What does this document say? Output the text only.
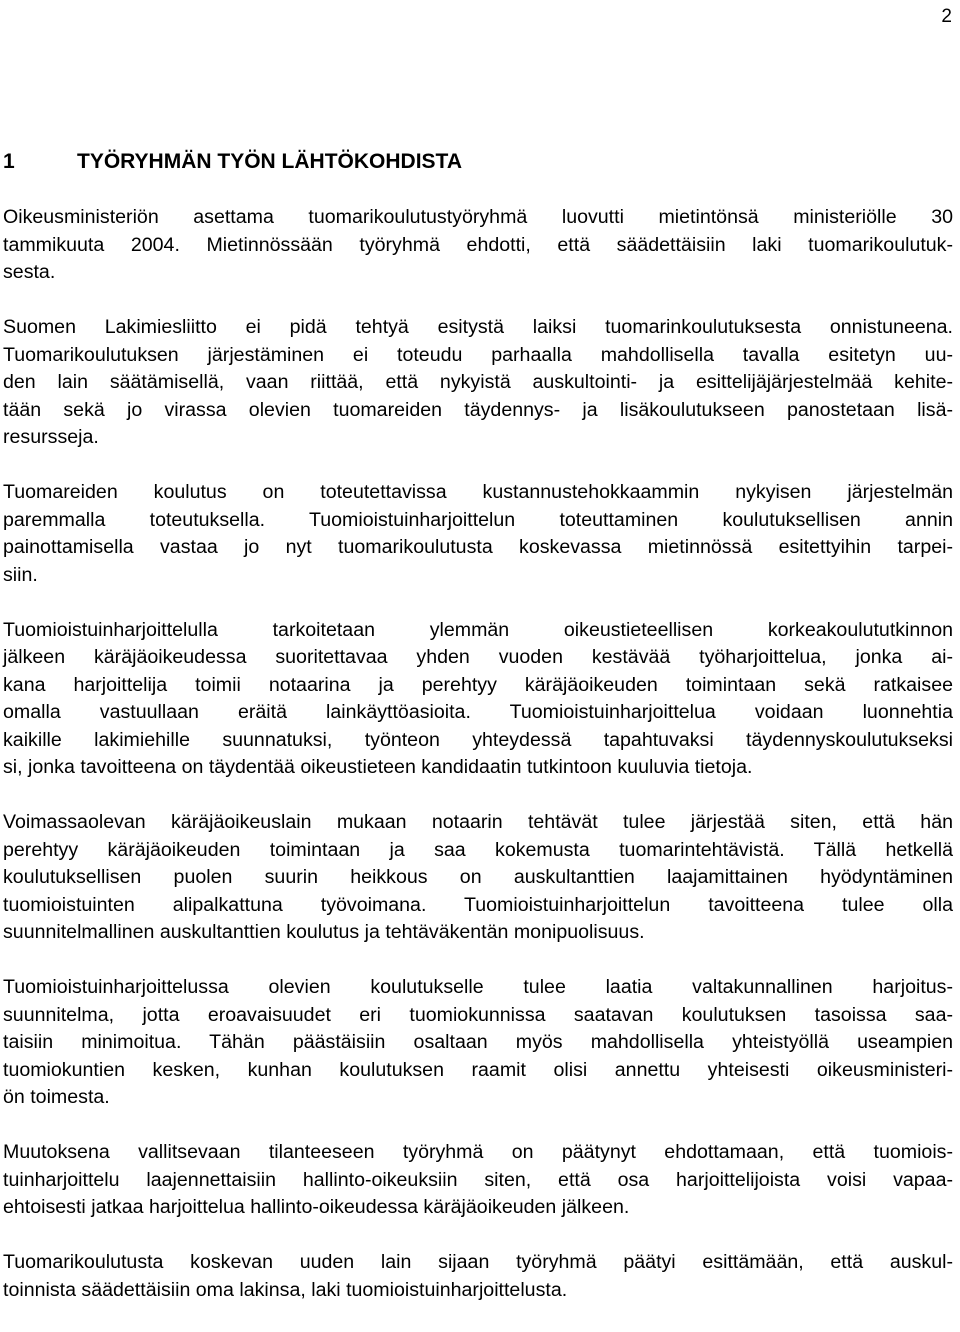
2
1	TYÖRYHMÄN TYÖN LÄHTÖKOHDISTA
Oikeusministeriön asettama tuomarikoulutustyöryhmä luovutti mietintönsä ministeriölle 30
tammikuuta 2004. Mietinnössään työryhmä ehdotti, että säädettäisiin laki tuomarikoulutuk-
sesta.
Suomen Lakimiesliitto ei pidä tehtyä esitystä laiksi tuomarinkoulutuksesta onnistuneena.
Tuomarikoulutuksen järjestäminen ei toteudu parhaalla mahdollisella tavalla esitetyn uu-
den lain säätämisellä, vaan riittää, että nykyistä auskultointi- ja esittelijäjärjestelmää kehite-
tään sekä jo virassa olevien tuomareiden täydennys- ja lisäkoulutukseen panostetaan lisä-
resursseja.
Tuomareiden koulutus on toteutettavissa kustannustehokkaammin nykyisen järjestelmän
paremmalla toteutuksella. Tuomioistuinharjoittelun toteuttaminen koulutuksellisen annin
painottamisella vastaa jo nyt tuomarikoulutusta koskevassa mietinnössä esitettyihin tarpei-
siin.
Tuomioistuinharjoittelulla tarkoitetaan ylemmän oikeustieteellisen korkeakoulututkinnon
jälkeen käräjäoikeudessa suoritettavaa yhden vuoden kestävää työharjoittelua, jonka ai-
kana harjoittelija toimii notaarina ja perehtyy käräjäoikeuden toimintaan sekä ratkaisee
omalla vastuullaan eräitä lainkäyttöasioita. Tuomioistuinharjoittelua voidaan luonnehtia
kaikille lakimiehille suunnatuksi, työnteon yhteydessä tapahtuvaksi täydennyskoulutukseksi
si, jonka tavoitteena on täydentää oikeustieteen kandidaatin tutkintoon kuuluvia tietoja.
Voimassaolevan käräjäoikeuslain mukaan notaarin tehtävät tulee järjestää siten, että hän
perehtyy käräjäoikeuden toimintaan ja saa kokemusta tuomarintehtävistä. Tällä hetkellä
koulutuksellisen puolen suurin heikkous on auskultanttien laajamittainen hyödyntäminen
tuomioistuinten alipalkattuna työvoimana. Tuomioistuinharjoittelun tavoitteena tulee olla
suunnitelmallinen auskultanttien koulutus ja tehtäväkentän monipuolisuus.
Tuomioistuinharjoittelussa olevien koulutukselle tulee laatia valtakunnallinen harjoitus-
suunnitelma, jotta eroavaisuudet eri tuomiokunnissa saatavan koulutuksen tasoissa saa-
taisiin minimoitua. Tähän päästäisiin osaltaan myös mahdollisella yhteistyöllä useampien
tuomiokuntien kesken, kunhan koulutuksen raamit olisi annettu yhteisesti oikeusministeri-
ön toimesta.
Muutoksena vallitsevaan tilanteeseen työryhmä on päätynyt ehdottamaan, että tuomiois-
tuinharjoittelu laajennettaisiin hallinto-oikeuksiin siten, että osa harjoittelijoista voisi vapaa-
ehtoisesti jatkaa harjoittelua hallinto-oikeudessa käräjäoikeuden jälkeen.
Tuomarikoulutusta koskevan uuden lain sijaan työryhmä päätyi esittämään, että auskul-
toinnista säädettäisiin oma lakinsa, laki tuomioistuinharjoittelusta.
